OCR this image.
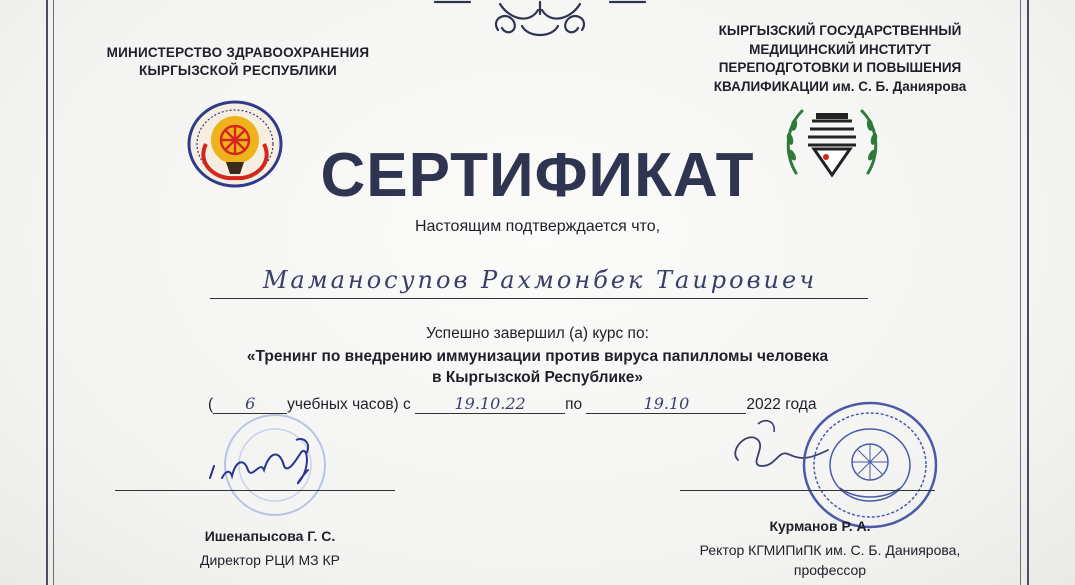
МИНИСТЕРСТВО ЗДРАВООХРАНЕНИЯ
КЫРГЫЗСКОЙ РЕСПУБЛИКИ
КЫРГЫЗСКИЙ ГОСУДАРСТВЕННЫЙ
МЕДИЦИНСКИЙ ИНСТИТУТ
ПЕРЕПОДГОТОВКИ И ПОВЫШЕНИЯ
КВАЛИФИКАЦИИ им. С. Б. Даниярова
СЕРТИФИКАТ
Настоящим подтверждается что,
Маманосупов Рахмонбек Таировиеч
Успешно завершил (а) курс по:
«Тренинг по внедрению иммунизации против вируса папилломы человека
в Кыргызской Республике»
( 6 учебных часов) с	19.10.22	по	19.10	2022 года
Ишенапысова Г. С.
Директор РЦИ МЗ КР
Курманов Р. А.
Ректор КГМИПиПК им. С. Б. Даниярова,
профессор
